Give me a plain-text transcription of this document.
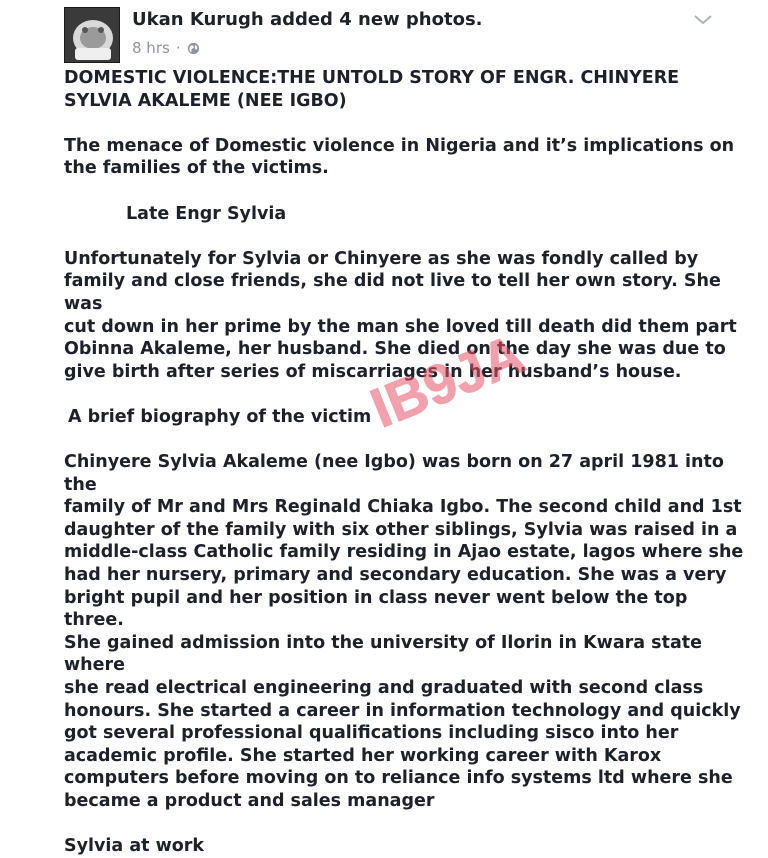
Ukan Kurugh added 4 new photos.
8 hrs ·

DOMESTIC VIOLENCE:THE UNTOLD STORY OF ENGR. CHINYERE
SYLVIA AKALEME (NEE IGBO)

The menace of Domestic violence in Nigeria and it’s implications on
the families of the victims.

Late Engr Sylvia

Unfortunately for Sylvia or Chinyere as she was fondly called by
family and close friends, she did not live to tell her own story. She was
cut down in her prime by the man she loved till death did them part
Obinna Akaleme, her husband. She died on the day she was due to
give birth after series of miscarriages in her husband’s house.

A brief biography of the victim

Chinyere Sylvia Akaleme (nee Igbo) was born on 27 april 1981 into the
family of Mr and Mrs Reginald Chiaka Igbo. The second child and 1st
daughter of the family with six other siblings, Sylvia was raised in a
middle-class Catholic family residing in Ajao estate, lagos where she
had her nursery, primary and secondary education. She was a very
bright pupil and her position in class never went below the top three.
She gained admission into the university of Ilorin in Kwara state where
she read electrical engineering and graduated with second class
honours. She started a career in information technology and quickly
got several professional qualifications including sisco into her
academic profile. She started her working career with Karox
computers before moving on to reliance info systems ltd where she
became a product and sales manager

Sylvia at work

IB9JA
